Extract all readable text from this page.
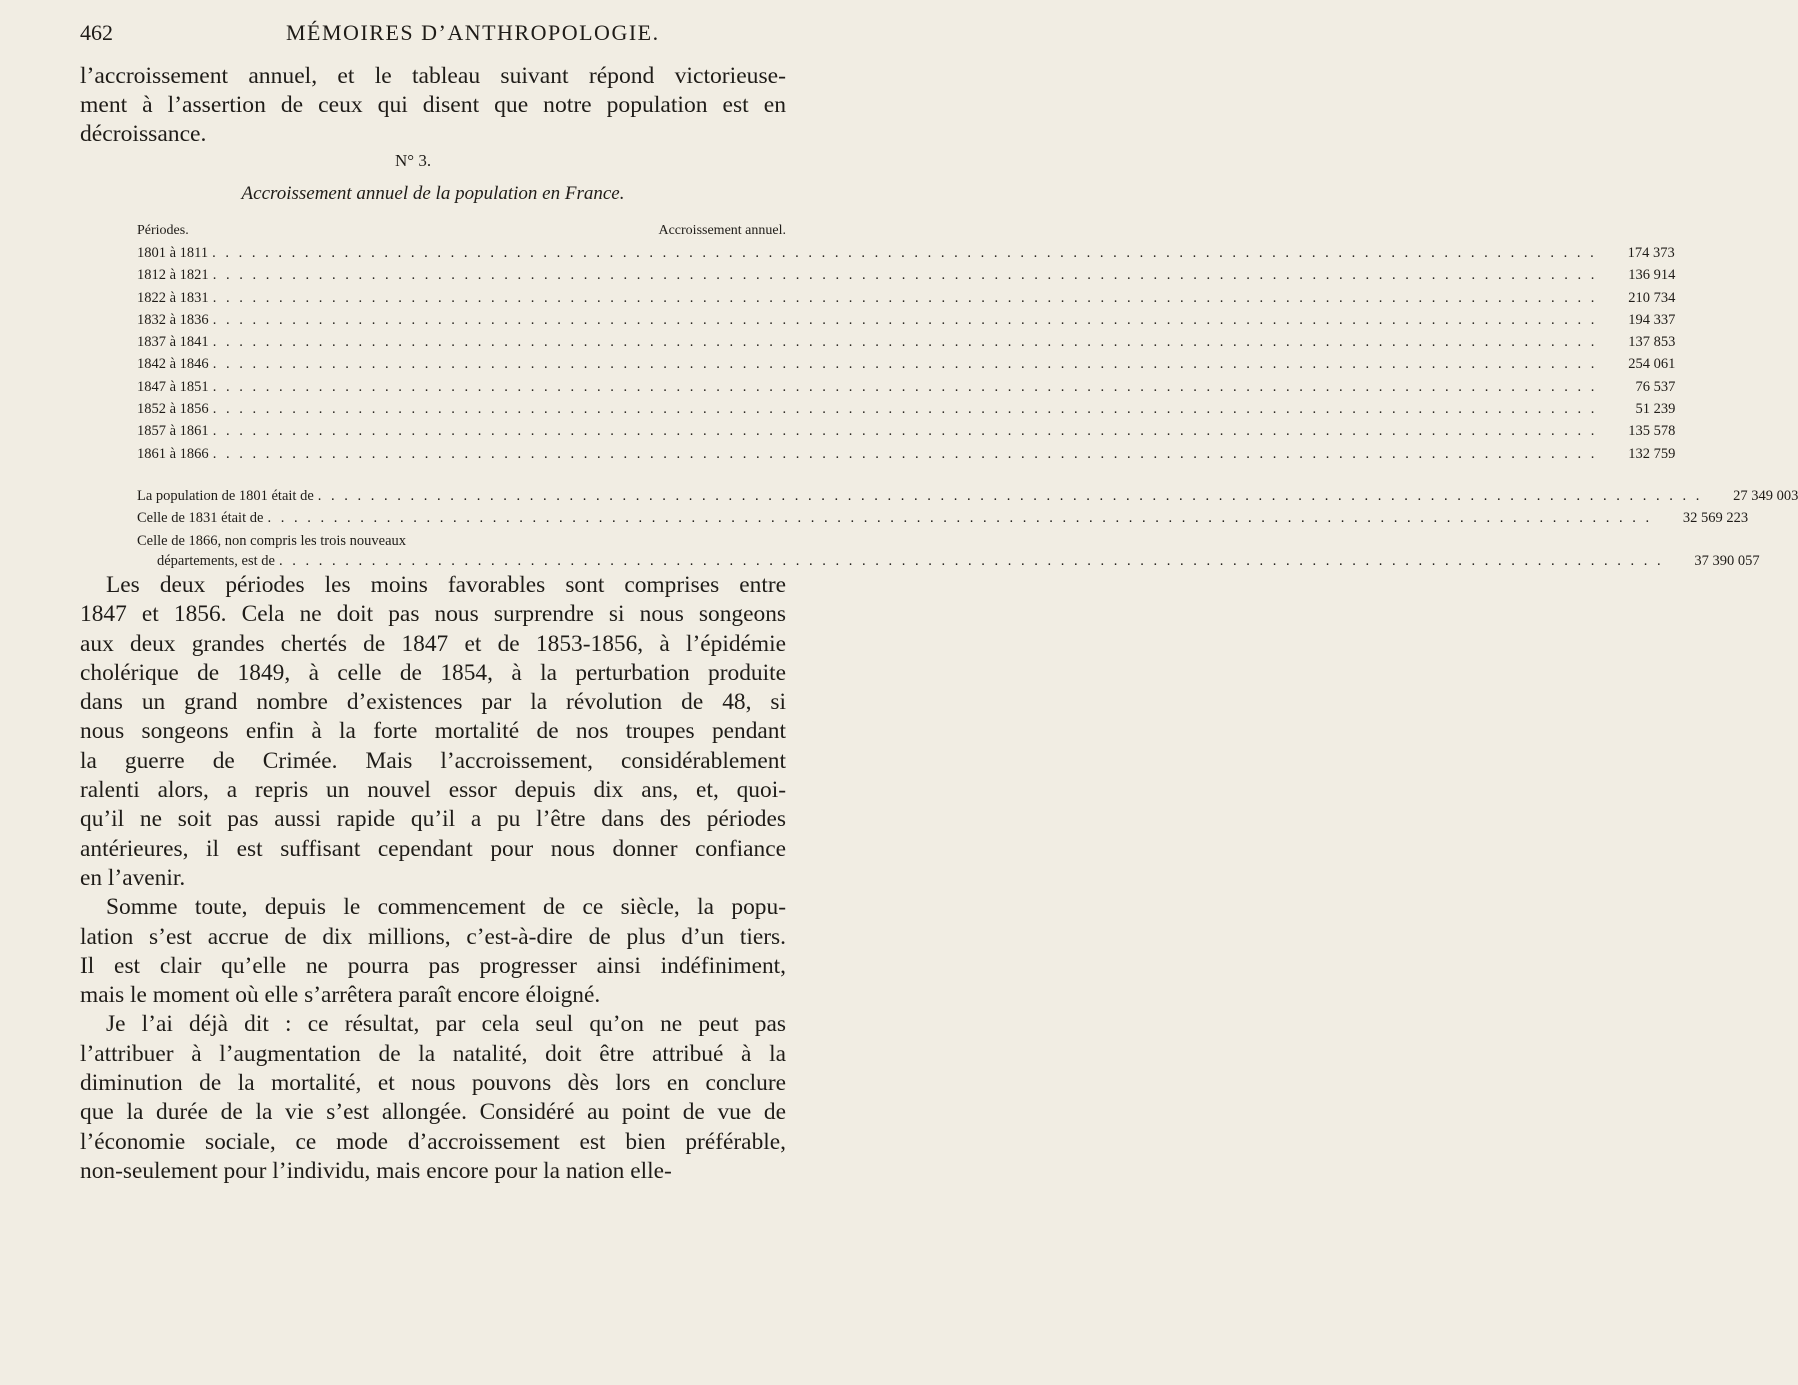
462	MÉMOIRES D’ANTHROPOLOGIE.
l’accroissement annuel, et le tableau suivant répond victorieuse-
ment à l’assertion de ceux qui disent que notre population est en
décroissance.
N° 3.
Accroissement annuel de la population en France.
Périodes.	Accroissement annuel.
1801 à 1811 . . . . . . . . . . . . . . . . . . . . . . . . . . . . . . . . . . . . . . . . . . . . . . . . . . . . . . . . . . . . . . . . . . . . . . . . . . . . . . . . . . . . . . . . . . . . . . . . . . . . . . . . .	174 373
1812 à 1821 . . . . . . . . . . . . . . . . . . . . . . . . . . . . . . . . . . . . . . . . . . . . . . . . . . . . . . . . . . . . . . . . . . . . . . . . . . . . . . . . . . . . . . . . . . . . . . . . . . . . . . . . .	136 914
1822 à 1831 . . . . . . . . . . . . . . . . . . . . . . . . . . . . . . . . . . . . . . . . . . . . . . . . . . . . . . . . . . . . . . . . . . . . . . . . . . . . . . . . . . . . . . . . . . . . . . . . . . . . . . . . .	210 734
1832 à 1836 . . . . . . . . . . . . . . . . . . . . . . . . . . . . . . . . . . . . . . . . . . . . . . . . . . . . . . . . . . . . . . . . . . . . . . . . . . . . . . . . . . . . . . . . . . . . . . . . . . . . . . . . .	194 337
1837 à 1841 . . . . . . . . . . . . . . . . . . . . . . . . . . . . . . . . . . . . . . . . . . . . . . . . . . . . . . . . . . . . . . . . . . . . . . . . . . . . . . . . . . . . . . . . . . . . . . . . . . . . . . . . .	137 853
1842 à 1846 . . . . . . . . . . . . . . . . . . . . . . . . . . . . . . . . . . . . . . . . . . . . . . . . . . . . . . . . . . . . . . . . . . . . . . . . . . . . . . . . . . . . . . . . . . . . . . . . . . . . . . . . .	254 061
1847 à 1851 . . . . . . . . . . . . . . . . . . . . . . . . . . . . . . . . . . . . . . . . . . . . . . . . . . . . . . . . . . . . . . . . . . . . . . . . . . . . . . . . . . . . . . . . . . . . . . . . . . . . . . . . .	76 537
1852 à 1856 . . . . . . . . . . . . . . . . . . . . . . . . . . . . . . . . . . . . . . . . . . . . . . . . . . . . . . . . . . . . . . . . . . . . . . . . . . . . . . . . . . . . . . . . . . . . . . . . . . . . . . . . .	51 239
1857 à 1861 . . . . . . . . . . . . . . . . . . . . . . . . . . . . . . . . . . . . . . . . . . . . . . . . . . . . . . . . . . . . . . . . . . . . . . . . . . . . . . . . . . . . . . . . . . . . . . . . . . . . . . . . .	135 578
1861 à 1866 . . . . . . . . . . . . . . . . . . . . . . . . . . . . . . . . . . . . . . . . . . . . . . . . . . . . . . . . . . . . . . . . . . . . . . . . . . . . . . . . . . . . . . . . . . . . . . . . . . . . . . . . .	132 759
La population de 1801 était de . . . . . . . . . . . . . . . . . . . . . . . . . . . . . . . . . . . . . . . . . . . . . . . . . . . . . . . . . . . . . . . . . . . . . . . . . . . . . . . . . . . . . . . . . . . . . . . . . . . . . . . . .	27 349 003
Celle de 1831 était de . . . . . . . . . . . . . . . . . . . . . . . . . . . . . . . . . . . . . . . . . . . . . . . . . . . . . . . . . . . . . . . . . . . . . . . . . . . . . . . . . . . . . . . . . . . . . . . . . . . . . . . . .	32 569 223
Celle de 1866, non compris les trois nouveaux
départements, est de . . . . . . . . . . . . . . . . . . . . . . . . . . . . . . . . . . . . . . . . . . . . . . . . . . . . . . . . . . . . . . . . . . . . . . . . . . . . . . . . . . . . . . . . . . . . . . . . . . . . . . . . .	37 390 057
Les deux périodes les moins favorables sont comprises entre
1847 et 1856. Cela ne doit pas nous surprendre si nous songeons
aux deux grandes chertés de 1847 et de 1853-1856, à l’épidémie
cholérique de 1849, à celle de 1854, à la perturbation produite
dans un grand nombre d’existences par la révolution de 48, si
nous songeons enfin à la forte mortalité de nos troupes pendant
la guerre de Crimée. Mais l’accroissement, considérablement
ralenti alors, a repris un nouvel essor depuis dix ans, et, quoi-
qu’il ne soit pas aussi rapide qu’il a pu l’être dans des périodes
antérieures, il est suffisant cependant pour nous donner confiance
en l’avenir.
Somme toute, depuis le commencement de ce siècle, la popu-
lation s’est accrue de dix millions, c’est-à-dire de plus d’un tiers.
Il est clair qu’elle ne pourra pas progresser ainsi indéfiniment,
mais le moment où elle s’arrêtera paraît encore éloigné.
Je l’ai déjà dit : ce résultat, par cela seul qu’on ne peut pas
l’attribuer à l’augmentation de la natalité, doit être attribué à la
diminution de la mortalité, et nous pouvons dès lors en conclure
que la durée de la vie s’est allongée. Considéré au point de vue de
l’économie sociale, ce mode d’accroissement est bien préférable,
non-seulement pour l’individu, mais encore pour la nation elle-
